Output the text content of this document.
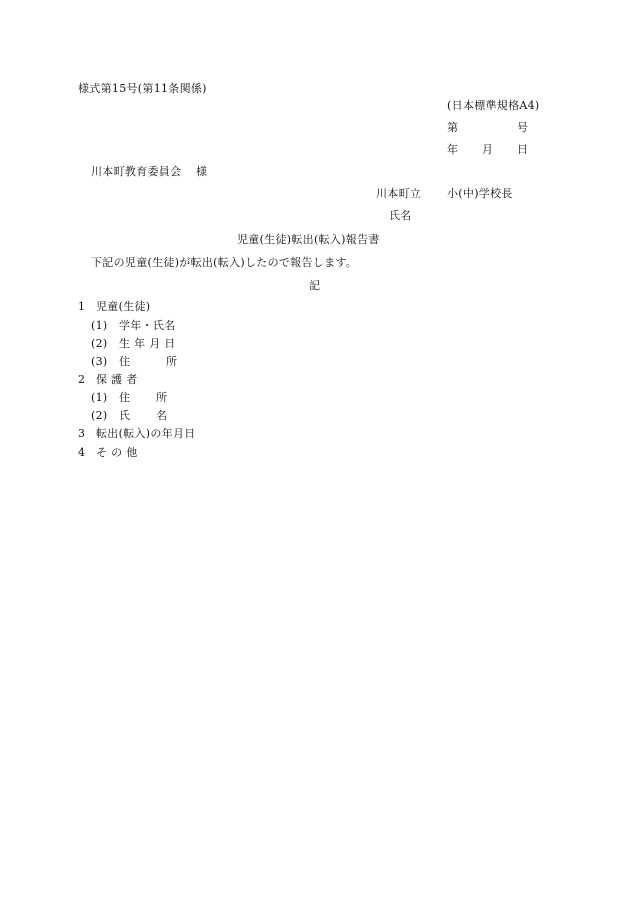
様式第15号(第11条関係)
(日本標準規格A4)
第	号
年 月 日
川本町教育委員会 様
川本町立 小(中)学校長
氏名
児童(生徒)転出(転入)報告書
下記の児童(生徒)が転出(転入)したので報告します。
記
1 児童(生徒)
(1) 学年・氏名
(2) 生 年 月 日
(3) 住	所
2 保 護 者
(1) 住 所
(2) 氏 名
3 転出(転入)の年月日
4 そ の 他
